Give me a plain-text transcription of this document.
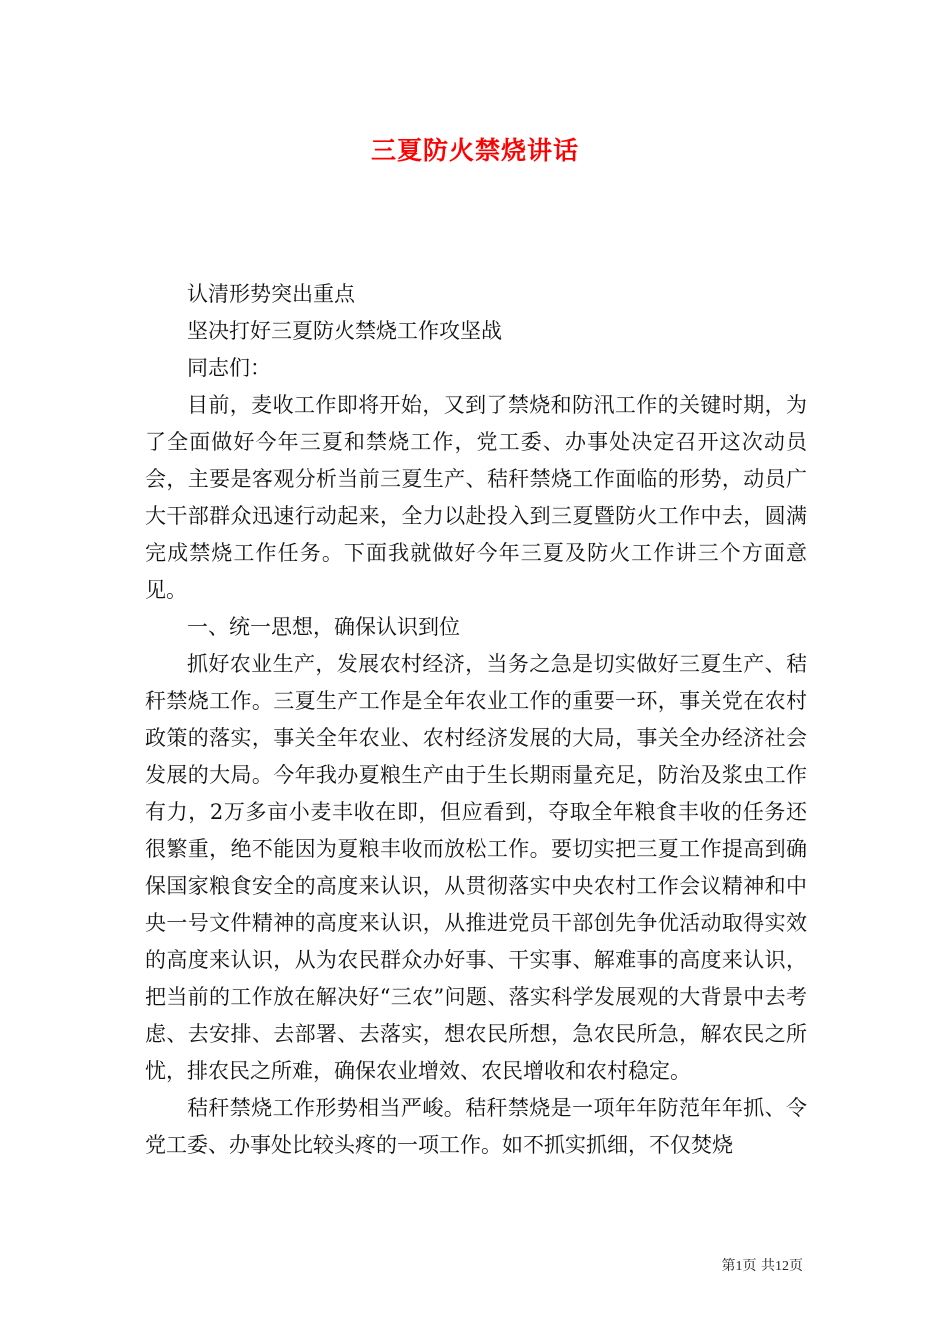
三夏防火禁烧讲话

认清形势突出重点

坚决打好三夏防火禁烧工作攻坚战

同志们：

目前，麦收工作即将开始，又到了禁烧和防汛工作的关键时期，为了全面做好今年三夏和禁烧工作，党工委、办事处决定召开这次动员会，主要是客观分析当前三夏生产、秸秆禁烧工作面临的形势，动员广大干部群众迅速行动起来，全力以赴投入到三夏暨防火工作中去，圆满完成禁烧工作任务。下面我就做好今年三夏及防火工作讲三个方面意见。

一、统一思想，确保认识到位

抓好农业生产，发展农村经济，当务之急是切实做好三夏生产、秸秆禁烧工作。三夏生产工作是全年农业工作的重要一环，事关党在农村政策的落实，事关全年农业、农村经济发展的大局，事关全办经济社会发展的大局。今年我办夏粮生产由于生长期雨量充足，防治及浆虫工作有力，2万多亩小麦丰收在即，但应看到，夺取全年粮食丰收的任务还很繁重，绝不能因为夏粮丰收而放松工作。要切实把三夏工作提高到确保国家粮食安全的高度来认识，从贯彻落实中央农村工作会议精神和中央一号文件精神的高度来认识，从推进党员干部创先争优活动取得实效的高度来认识，从为农民群众办好事、干实事、解难事的高度来认识，把当前的工作放在解决好“三农”问题、落实科学发展观的大背景中去考虑、去安排、去部署、去落实，想农民所想，急农民所急，解农民之所忧，排农民之所难，确保农业增效、农民增收和农村稳定。

秸秆禁烧工作形势相当严峻。秸秆禁烧是一项年年防范年年抓、令党工委、办事处比较头疼的一项工作。如不抓实抓细，不仅焚烧

第1页 共12页
